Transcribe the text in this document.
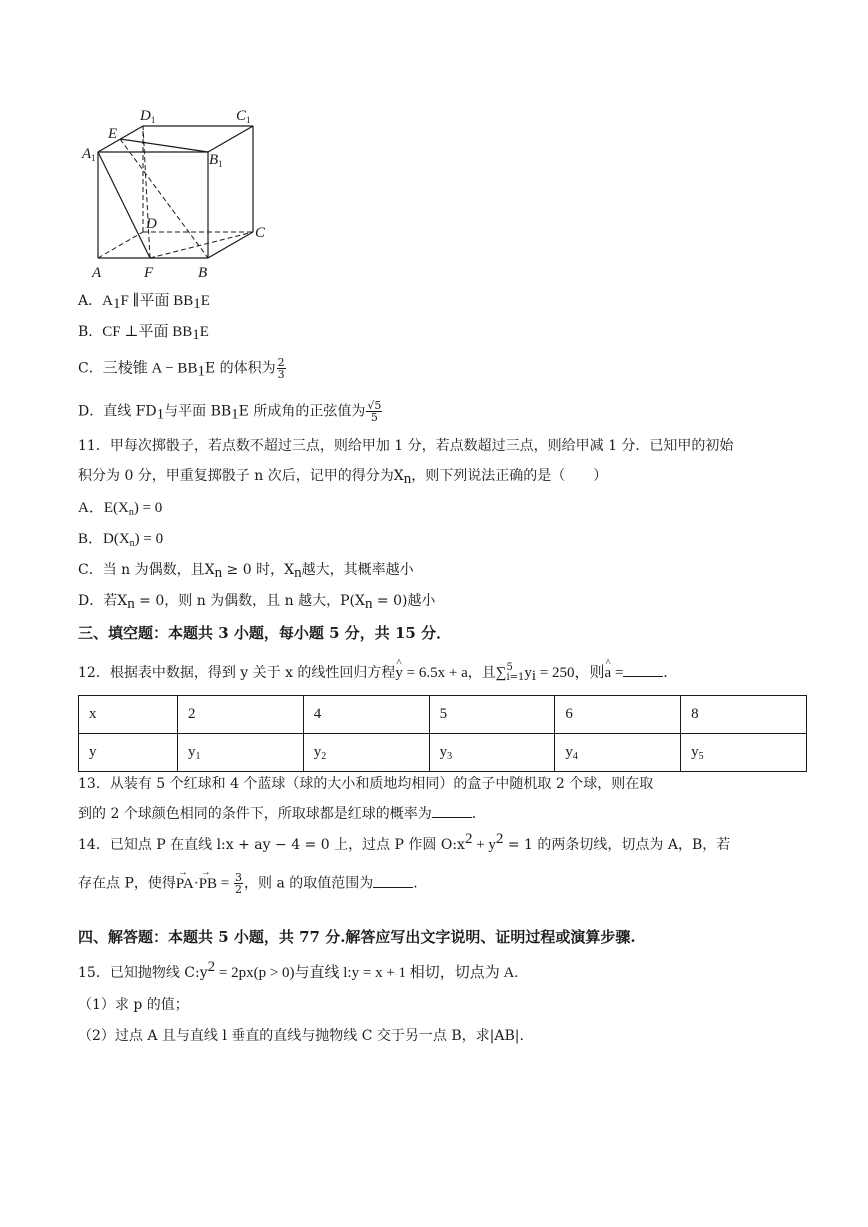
A	F	B
C
D
$A_1$	$B_1$
$C_1$
$D_1$
E
A．$A_1F$ ∥平面 $BB_1E$
B．CF ⊥平面 $BB_1E$
C．三棱锥 $A - BB_1E$ 的体积为 $\frac{2}{3}$
D．直线 $FD_1$与平面 $BB_1E$ 所成角的正弦值为 $\frac{√5}{5}$
11．甲每次掷骰子，若点数不超过三点，则给甲加 1 分，若点数超过三点，则给甲减 1 分．已知甲的初始
积分为 0 分，甲重复掷骰子 n 次后，记甲的得分为$X_n$，则下列说法正确的是（　　）
A．$E(X_n) = 0$
B．$D(X_n) = 0$
C．当 n 为偶数，且$X_n \ge 0$ 时，$X_n$越大，其概率越小
D．若$X_n = 0$，则 n 为偶数，且 n 越大，$P(X_n = 0)$越小
三、填空题：本题共 3 小题，每小题 5 分，共 15 分．
12．根据表中数据，得到 y 关于 x 的线性回归方程^ y = 6.5x + a，且∑ 5
i=1 $y_i = 250$，则^ a =	．
x	2	4	5	6	8
y	$y_1$	$y_2$	$y_3$	$y_4$	$y_5$
13．从装有 5 个红球和 4 个蓝球（球的大小和质地均相同）的盒子中随机取 2 个球，则在取
到的 2 个球颜色相同的条件下，所取球都是红球的概率为	．
14．已知点 P 在直线 l:x + ay − 4 = 0 上，过点 P 作圆 $O:x^2 + y^2 = 1$ 的两条切线，切点为 A，B，若
存在点 P，使得→ PA·→ PB = $\frac{3}{2}$ ，则 a 的取值范围为	．
四、解答题：本题共 5 小题，共 77 分.解答应写出文字说明、证明过程或演算步骤.
15．已知抛物线 $C:y^2 = 2px(p > 0)$与直线 l:y = x + 1 相切，切点为 A.
（1）求 p 的值；
（2）过点 A 且与直线 l 垂直的直线与抛物线 C 交于另一点 B，求|AB|.
